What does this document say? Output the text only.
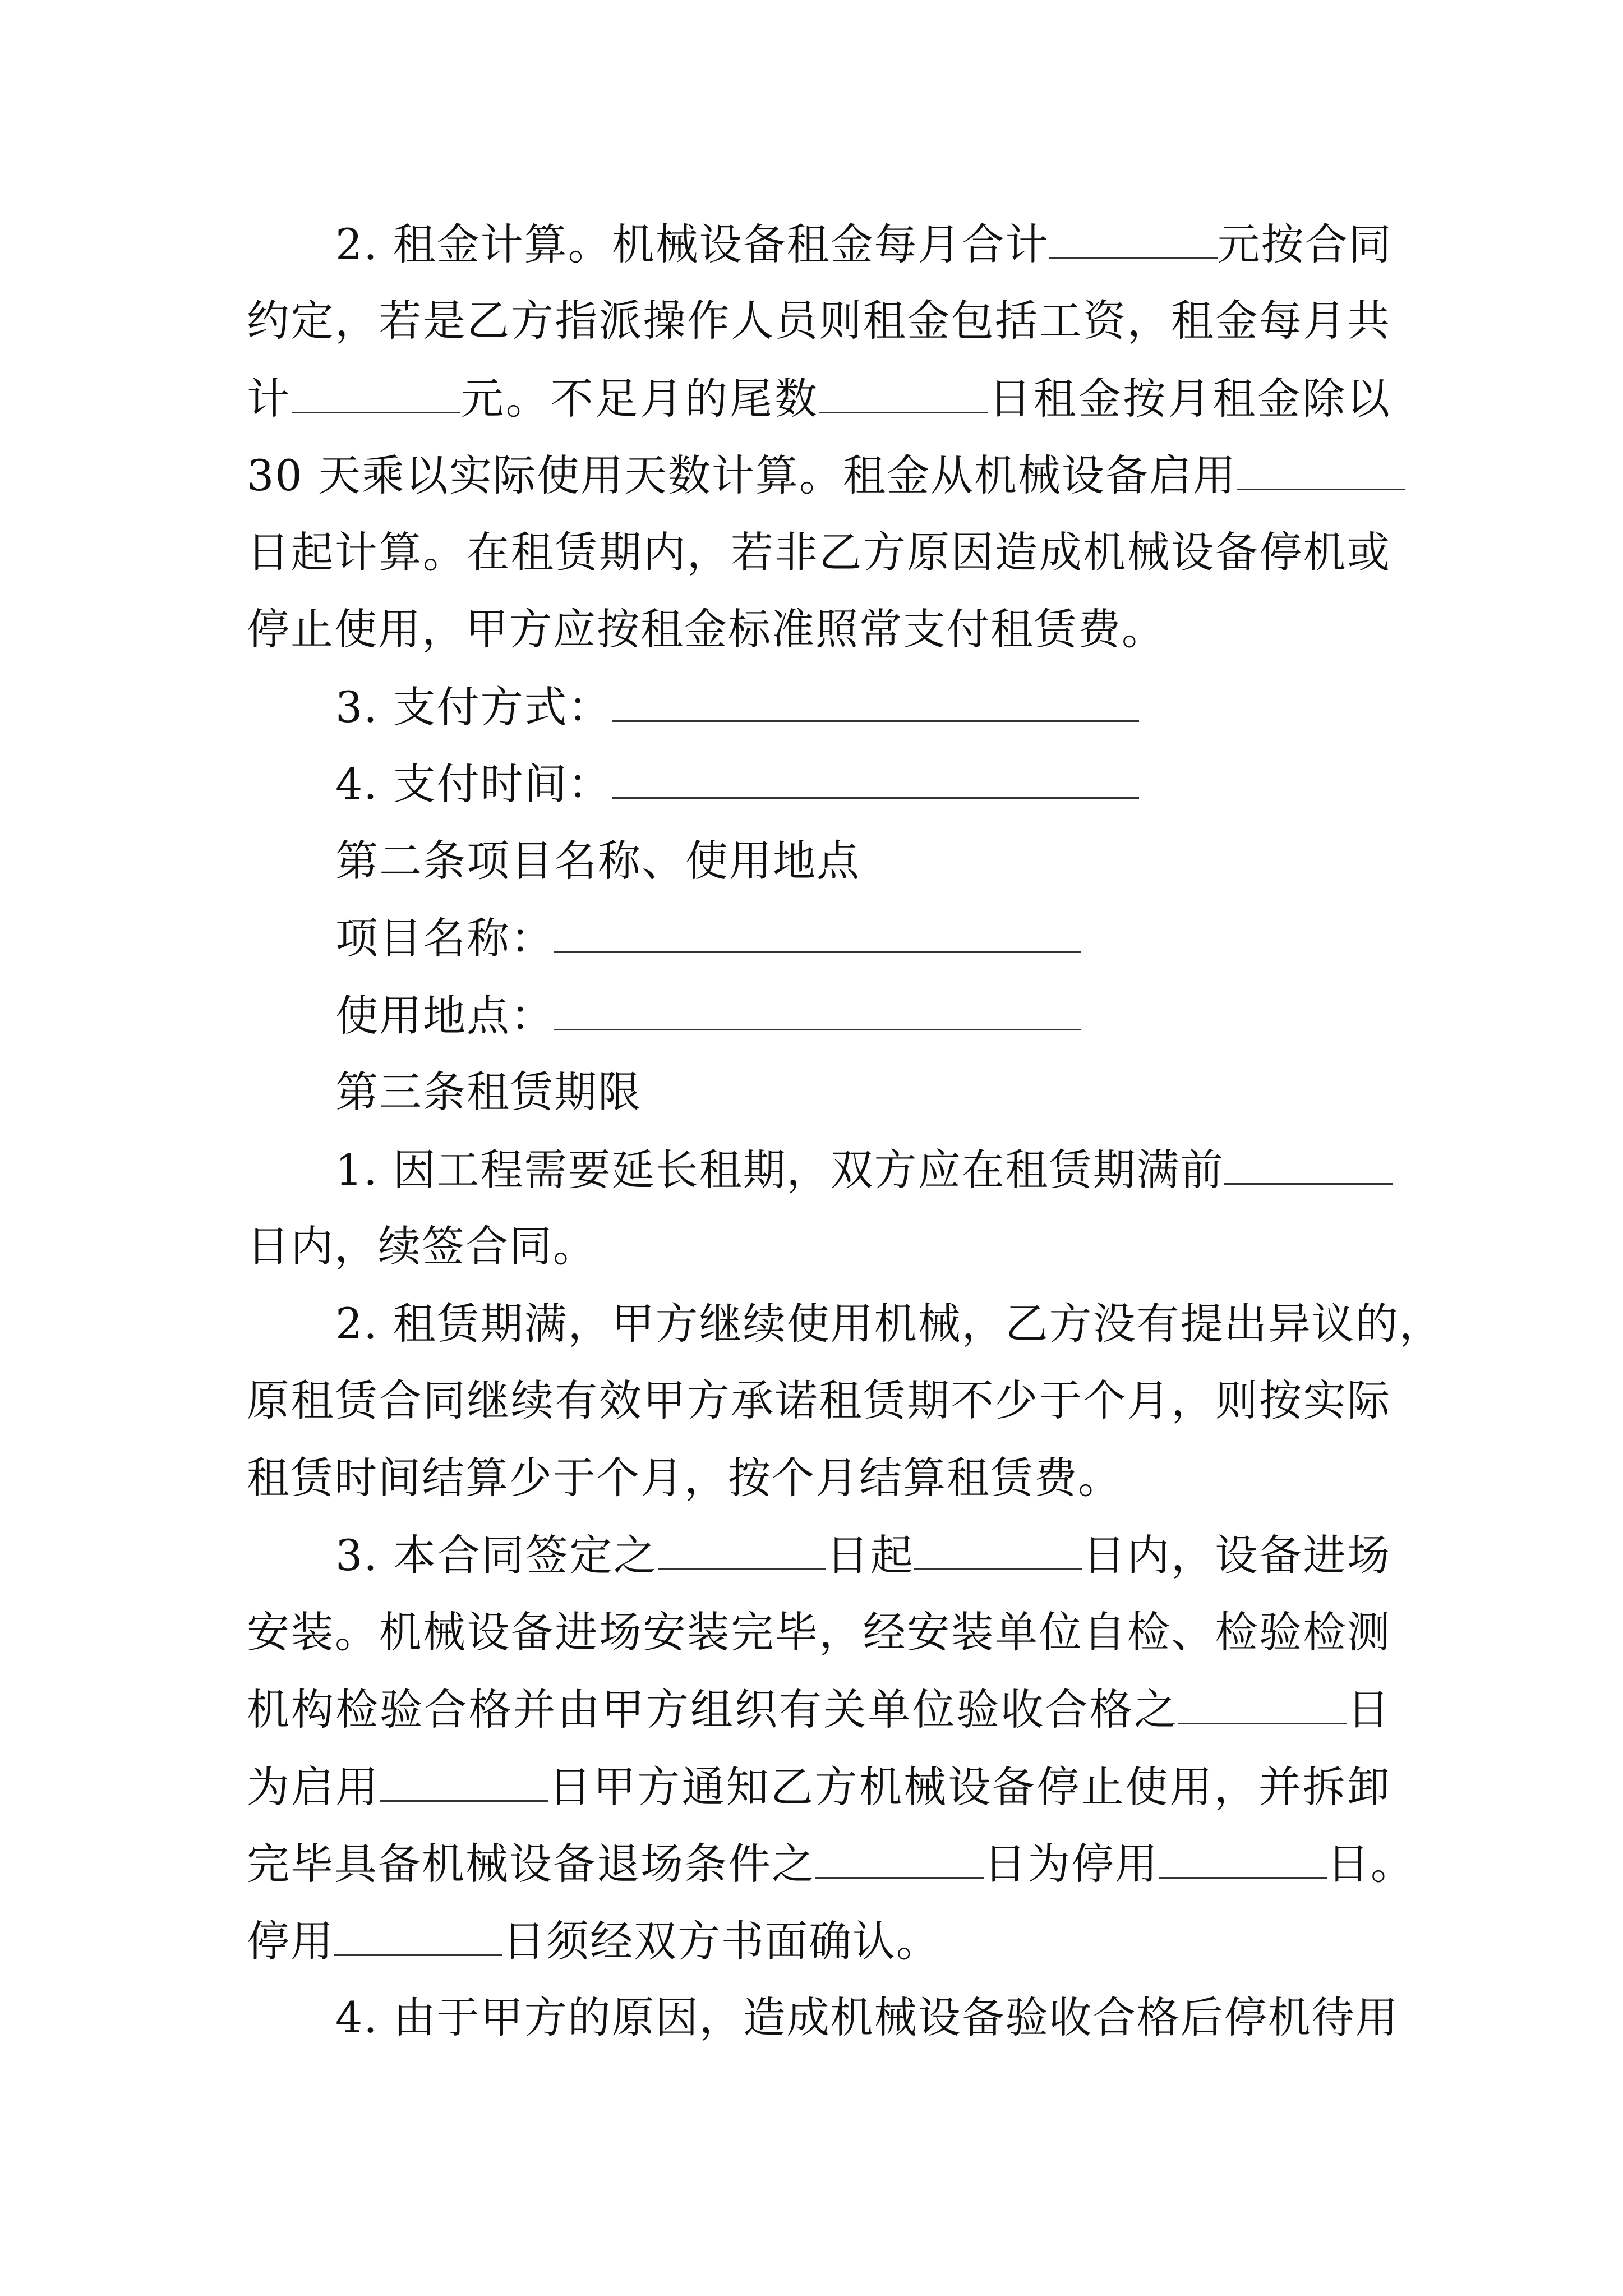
2. 租金计算。机械设备租金每月合计	元按合同
约定，若是乙方指派操作人员则租金包括工资，租金每月共
计	元。不足月的尾数	日租金按月租金除以
30 天乘以实际使用天数计算。租金从机械设备启用
日起计算。在租赁期内，若非乙方原因造成机械设备停机或
停止使用，甲方应按租金标准照常支付租赁费。
3. 支付方式：
4. 支付时间：
第二条项目名称、使用地点
项目名称：
使用地点：
第三条租赁期限
1. 因工程需要延长租期，双方应在租赁期满前
日内，续签合同。
2. 租赁期满，甲方继续使用机械，乙方没有提出异议的，
原租赁合同继续有效甲方承诺租赁期不少于个月，则按实际
租赁时间结算少于个月，按个月结算租赁费。
3. 本合同签定之	日起	日内，设备进场
安装。机械设备进场安装完毕，经安装单位自检、检验检测
机构检验合格并由甲方组织有关单位验收合格之	日
为启用	日甲方通知乙方机械设备停止使用，并拆卸
完毕具备机械设备退场条件之	日为停用	日。
停用	日须经双方书面确认。
4. 由于甲方的原因，造成机械设备验收合格后停机待用
